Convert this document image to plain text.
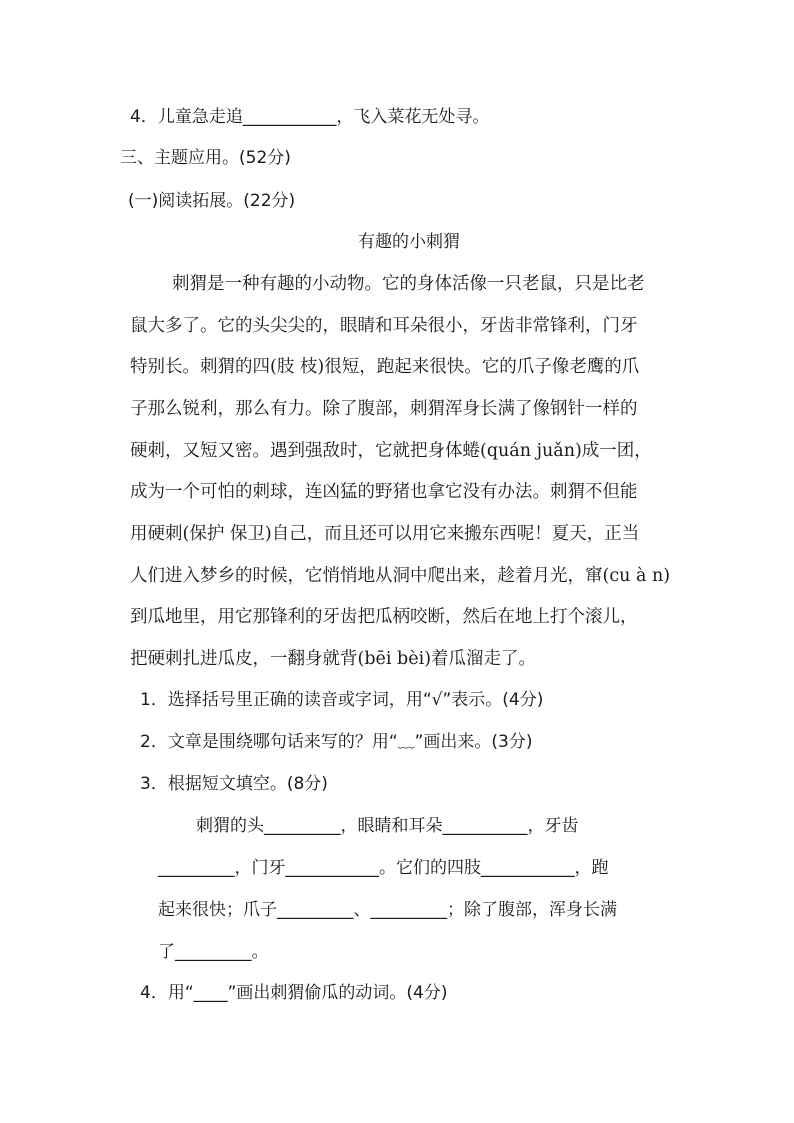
4．儿童急走追___________，飞入菜花无处寻。
三、主题应用。(52分)
(一)阅读拓展。(22分)
有趣的小刺猬
刺猬是一种有趣的小动物。它的身体活像一只老鼠，只是比老
鼠大多了。它的头尖尖的，眼睛和耳朵很小，牙齿非常锋利，门牙
特别长。刺猬的四(肢 枝)很短，跑起来很快。它的爪子像老鹰的爪
子那么锐利，那么有力。除了腹部，刺猬浑身长满了像钢针一样的
硬刺，又短又密。遇到强敌时，它就把身体蜷(quán juǎn)成一团，
成为一个可怕的刺球，连凶猛的野猪也拿它没有办法。刺猬不但能
用硬刺(保护 保卫)自己，而且还可以用它来搬东西呢！夏天，正当
人们进入梦乡的时候，它悄悄地从洞中爬出来，趁着月光，窜(cu à n)
到瓜地里，用它那锋利的牙齿把瓜柄咬断，然后在地上打个滚儿，
把硬刺扎进瓜皮，一翻身就背(bēi bèi)着瓜溜走了。
1．选择括号里正确的读音或字词，用“√”表示。(4分)
2．文章是围绕哪句话来写的？用“﹏”画出来。(3分)
3．根据短文填空。(8分)
刺猬的头_________，眼睛和耳朵__________，牙齿
_________，门牙___________。它们的四肢___________，跑
起来很快；爪子_________、_________；除了腹部，浑身长满
了_________。
4．用“____”画出刺猬偷瓜的动词。(4分)
